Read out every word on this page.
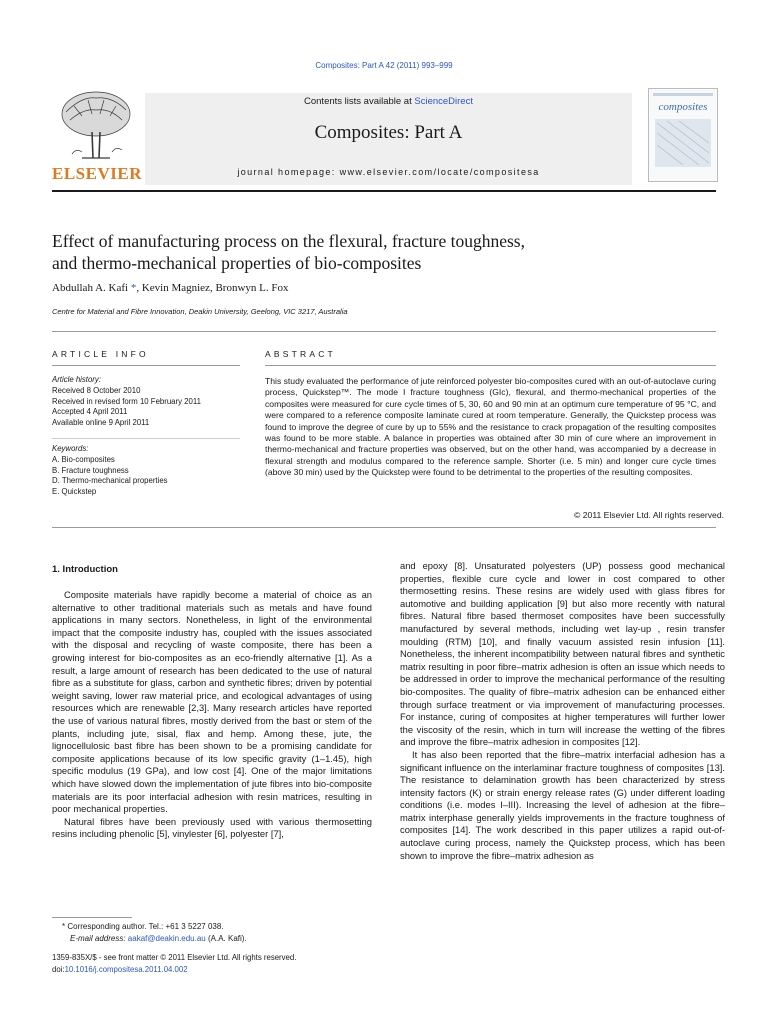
Composites: Part A 42 (2011) 993–999
Contents lists available at ScienceDirect
Composites: Part A
journal homepage: www.elsevier.com/locate/compositesa
ELSEVIER
composites
Effect of manufacturing process on the flexural, fracture toughness,
and thermo-mechanical properties of bio-composites
Abdullah A. Kafi *, Kevin Magniez, Bronwyn L. Fox
Centre for Material and Fibre Innovation, Deakin University, Geelong, VIC 3217, Australia
ARTICLE INFO
Article history:
Received 8 October 2010
Received in revised form 10 February 2011
Accepted 4 April 2011
Available online 9 April 2011
Keywords:
A. Bio-composites
B. Fracture toughness
D. Thermo-mechanical properties
E. Quickstep
ABSTRACT
This study evaluated the performance of jute reinforced polyester bio-composites cured with an out-of-autoclave curing process, Quickstep™. The mode I fracture toughness (GIc), flexural, and thermo-mechanical properties of the composites were measured for cure cycle times of 5, 30, 60 and 90 min at an optimum cure temperature of 95 °C, and were compared to a reference composite laminate cured at room temperature. Generally, the Quickstep process was found to improve the degree of cure by up to 55% and the resistance to crack propagation of the resulting composites was found to be more stable. A balance in properties was obtained after 30 min of cure where an improvement in thermo-mechanical and fracture properties was observed, but on the other hand, was accompanied by a decrease in flexural strength and modulus compared to the reference sample. Shorter (i.e. 5 min) and longer cure cycle times (above 30 min) used by the Quickstep were found to be detrimental to the properties of the resulting composites.
© 2011 Elsevier Ltd. All rights reserved.
1. Introduction

Composite materials have rapidly become a material of choice as an alternative to other traditional materials such as metals and have found applications in many sectors. Nonetheless, in light of the environmental impact that the composite industry has, coupled with the issues associated with the disposal and recycling of waste composite, there has been a growing interest for bio-composites as an eco-friendly alternative [1]. As a result, a large amount of research has been dedicated to the use of natural fibre as a substitute for glass, carbon and synthetic fibres; driven by potential weight saving, lower raw material price, and ecological advantages of using resources which are renewable [2,3]. Many research articles have reported the use of various natural fibres, mostly derived from the bast or stem of the plants, including jute, sisal, flax and hemp. Among these, jute, the lignocellulosic bast fibre has been shown to be a promising candidate for composite applications because of its low specific gravity (1–1.45), high specific modulus (19 GPa), and low cost [4]. One of the major limitations which have slowed down the implementation of jute fibres into bio-composite materials are its poor interfacial adhesion with resin matrices, resulting in poor mechanical properties.

Natural fibres have been previously used with various thermosetting resins including phenolic [5], vinylester [6], polyester [7],

and epoxy [8]. Unsaturated polyesters (UP) possess good mechanical properties, flexible cure cycle and lower in cost compared to other thermosetting resins. These resins are widely used with glass fibres for automotive and building application [9] but also more recently with natural fibres. Natural fibre based thermoset composites have been successfully manufactured by several methods, including wet lay-up , resin transfer moulding (RTM) [10], and finally vacuum assisted resin infusion [11]. Nonetheless, the inherent incompatibility between natural fibres and synthetic matrix resulting in poor fibre–matrix adhesion is often an issue which needs to be addressed in order to improve the mechanical performance of the resulting bio-composites. The quality of fibre–matrix adhesion can be enhanced either through surface treatment or via improvement of manufacturing processes. For instance, curing of composites at higher temperatures will further lower the viscosity of the resin, which in turn will increase the wetting of the fibres and improve the fibre–matrix adhesion in composites [12].

It has also been reported that the fibre–matrix interfacial adhesion has a significant influence on the interlaminar fracture toughness of composites [13]. The resistance to delamination growth has been characterized by stress intensity factors (K) or strain energy release rates (G) under different loading conditions (i.e. modes I–III). Increasing the level of adhesion at the fibre–matrix interphase generally yields improvements in the fracture toughness of composites [14]. The work described in this paper utilizes a rapid out-of-autoclave curing process, namely the Quickstep process, which has been shown to improve the fibre–matrix adhesion as

* Corresponding author. Tel.: +61 3 5227 038.
E-mail address: aakaf@deakin.edu.au (A.A. Kafi).
1359-835X/$ - see front matter © 2011 Elsevier Ltd. All rights reserved.
doi:10.1016/j.compositesa.2011.04.002
